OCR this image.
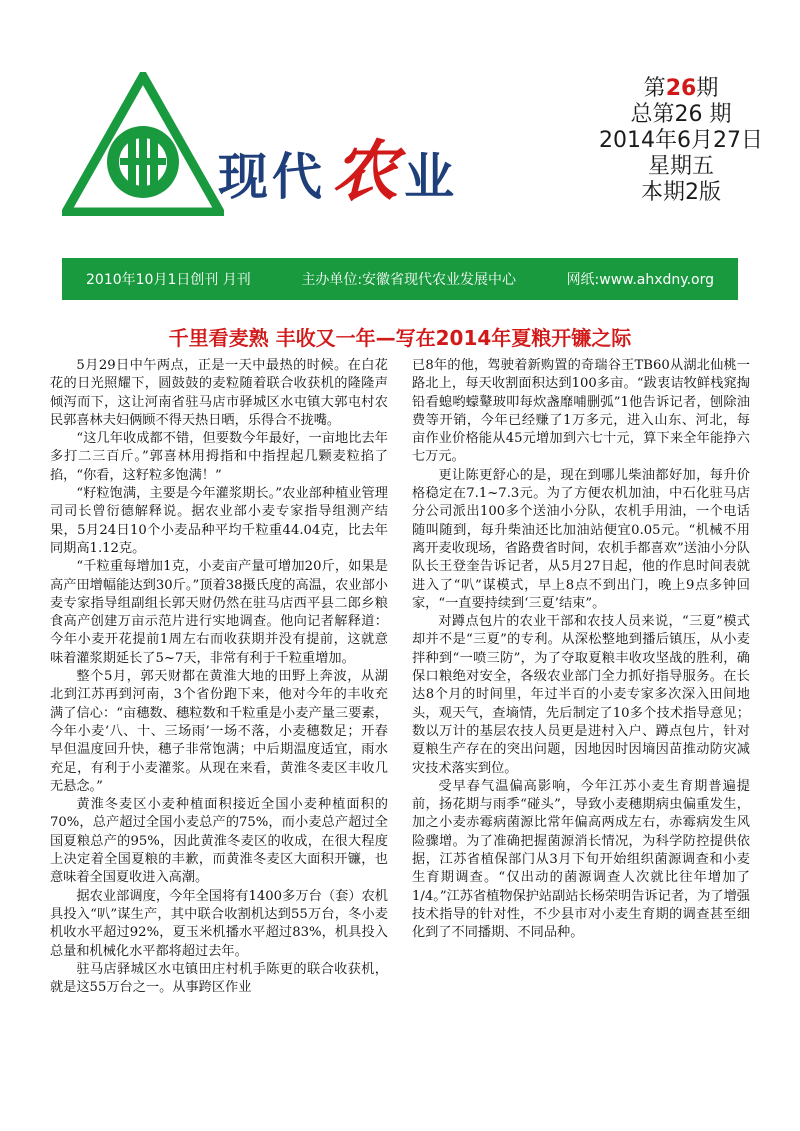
现代 农 业
第26期
总第26 期
2014年6月27日
星期五
本期2版
2010年10月1日创刊 月刊	主办单位:安徽省现代农业发展中心	网纸:www.ahxdny.org
千里看麦熟 丰收又一年—写在2014年夏粮开镰之际

5月29日中午两点，正是一天中最热的时候。在白花花的日光照耀下，圆鼓鼓的麦粒随着联合收获机的隆隆声倾泻而下，这让河南省驻马店市驿城区水屯镇大郭屯村农民郭喜林夫妇俩顾不得天热日晒，乐得合不拢嘴。

“这几年收成都不错，但要数今年最好，一亩地比去年多打二三百斤。”郭喜林用拇指和中指捏起几颗麦粒掐了掐，“你看，这籽粒多饱满！”

“籽粒饱满，主要是今年灌浆期长。”农业部种植业管理司司长曾衍德解释说。据农业部小麦专家指导组测产结果，5月24日10个小麦品种平均千粒重44.04克，比去年同期高1.12克。

“千粒重每增加1克，小麦亩产量可增加20斤，如果是高产田增幅能达到30斤。”顶着38摄氏度的高温，农业部小麦专家指导组副组长郭天财仍然在驻马店西平县二郎乡粮食高产创建万亩示范片进行实地调查。他向记者解释道：今年小麦开花提前1周左右而收获期并没有提前，这就意味着灌浆期延长了5~7天，非常有利于千粒重增加。

整个5月，郭天财都在黄淮大地的田野上奔波，从湖北到江苏再到河南，3个省份跑下来，他对今年的丰收充满了信心：“亩穗数、穗粒数和千粒重是小麦产量三要素，今年小麦‘八、十、三场雨’一场不落，小麦穗数足；开春早但温度回升快，穗子非常饱满；中后期温度适宜，雨水充足，有利于小麦灌浆。从现在来看，黄淮冬麦区丰收几无悬念。”

黄淮冬麦区小麦种植面积接近全国小麦种植面积的70%，总产超过全国小麦总产的75%，而小麦总产超过全国夏粮总产的95%，因此黄淮冬麦区的收成，在很大程度上决定着全国夏粮的丰歉，而黄淮冬麦区大面积开镰，也意味着全国夏收进入高潮。

据农业部调度，今年全国将有1400多万台（套）农机具投入“叭”谋生产，其中联合收割机达到55万台，冬小麦机收水平超过92%，夏玉米机播水平超过83%，机具投入总量和机械化水平都将超过去年。

驻马店驿城区水屯镇田庄村机手陈更的联合收获机，就是这55万台之一。从事跨区作业

已8年的他，驾驶着新购置的奇瑞谷王TB60从湖北仙桃一路北上，每天收割面积达到100多亩。“跋衷诘牧鲜栈窕掏铅看螅哟蠓鼙玻叩每炊盏靡哺删弧”1他告诉记者，刨除油费等开销，今年已经赚了1万多元，进入山东、河北，每亩作业价格能从45元增加到六七十元，算下来全年能挣六七万元。

更让陈更舒心的是，现在到哪儿柴油都好加，每升价格稳定在7.1~7.3元。为了方便农机加油，中石化驻马店分公司派出100多个送油小分队，农机手用油，一个电话随叫随到，每升柴油还比加油站便宜0.05元。“机械不用离开麦收现场，省路费省时间，农机手都喜欢”送油小分队队长王登奎告诉记者，从5月27日起，他的作息时间表就进入了“叭”谋模式，早上8点不到出门，晚上9点多钟回家，“一直要持续到‘三夏’结束”。

对蹲点包片的农业干部和农技人员来说，“三夏”模式却并不是“三夏”的专利。从深松整地到播后镇压，从小麦拌种到“一喷三防”，为了夺取夏粮丰收攻坚战的胜利，确保口粮绝对安全，各级农业部门全力抓好指导服务。在长达8个月的时间里，年过半百的小麦专家多次深入田间地头，观天气，查墒情，先后制定了10多个技术指导意见；数以万计的基层农技人员更是进村入户、蹲点包片，针对夏粮生产存在的突出问题，因地因时因墒因苗推动防灾减灾技术落实到位。

受早春气温偏高影响，今年江苏小麦生育期普遍提前，扬花期与雨季“碰头”，导致小麦穗期病虫偏重发生，加之小麦赤霉病菌源比常年偏高两成左右，赤霉病发生风险骤增。为了准确把握菌源消长情况，为科学防控提供依据，江苏省植保部门从3月下旬开始组织菌源调查和小麦生育期调查。“仅出动的菌源调查人次就比往年增加了1/4。”江苏省植物保护站副站长杨荣明告诉记者，为了增强技术指导的针对性，不少县市对小麦生育期的调查甚至细化到了不同播期、不同品种。
